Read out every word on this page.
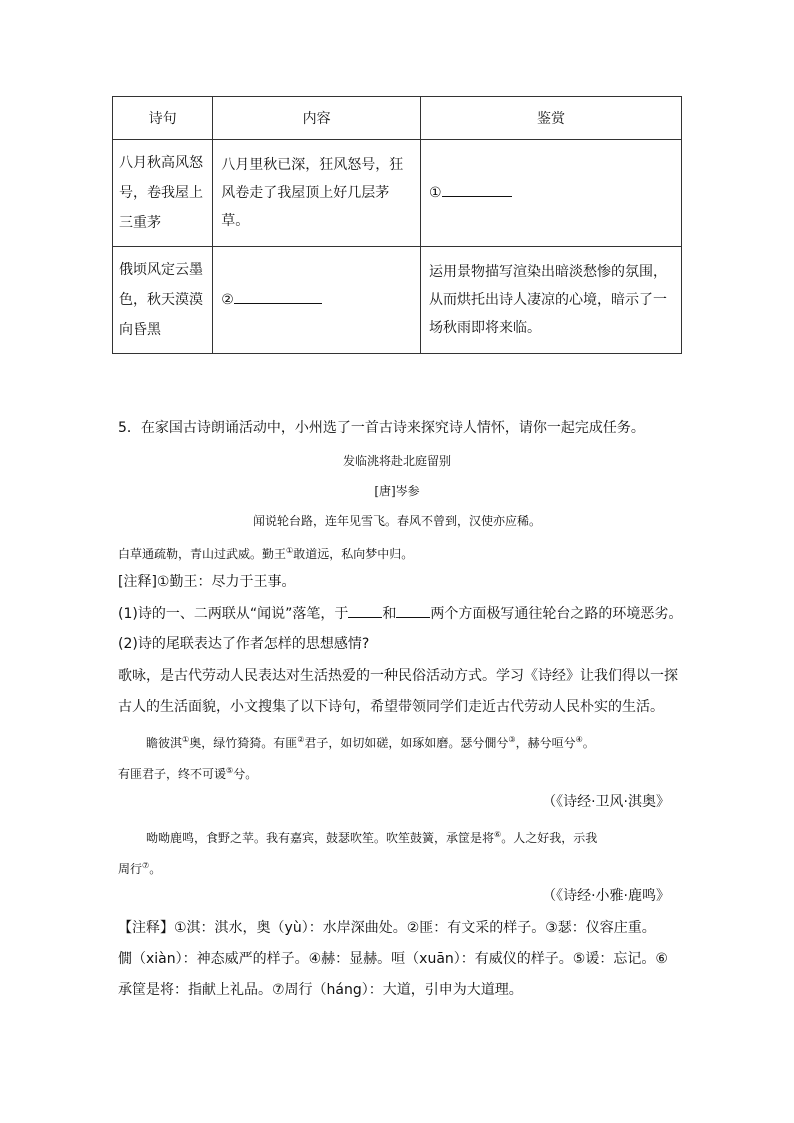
诗句	内容	鉴赏

八月秋高风怒号，卷我屋上三重茅	八月里秋已深，狂风怒号，狂风卷走了我屋顶上好几层茅草。	①

俄顷风定云墨色，秋天漠漠向昏黑	②	运用景物描写渲染出暗淡愁惨的氛围，从而烘托出诗人凄凉的心境，暗示了一场秋雨即将来临。
5．在家国古诗朗诵活动中，小州选了一首古诗来探究诗人情怀，请你一起完成任务。
发临洮将赴北庭留别
[唐]岑参
闻说轮台路，连年见雪飞。春风不曾到，汉使亦应稀。
白草通疏勒，青山过武威。勤王①敢道远，私向梦中归。
[注释]①勤王：尽力于王事。
(1)诗的一、二两联从“闻说”落笔，于 和 两个方面极写通往轮台之路的环境恶劣。
(2)诗的尾联表达了作者怎样的思想感情?
歌咏，是古代劳动人民表达对生活热爱的一种民俗活动方式。学习《诗经》让我们得以一探
古人的生活面貌，小文搜集了以下诗句，希望带领同学们走近古代劳动人民朴实的生活。
瞻彼淇①奥，绿竹猗猗。有匪②君子，如切如磋，如琢如磨。瑟兮僩兮③，赫兮咺兮④。
有匪君子，终不可谖⑤兮。
（《诗经·卫风·淇奥》
呦呦鹿鸣，食野之苹。我有嘉宾，鼓瑟吹笙。吹笙鼓簧，承筐是将⑥。人之好我，示我
周行⑦。
（《诗经·小雅·鹿鸣》
【注释】①淇：淇水，奥（yù）：水岸深曲处。②匪：有文采的样子。③瑟：仪容庄重。
僩（xiàn）：神态威严的样子。④赫：显赫。咺（xuān）：有威仪的样子。⑤谖：忘记。⑥
承筐是将：指献上礼品。⑦周行（háng）：大道，引申为大道理。
